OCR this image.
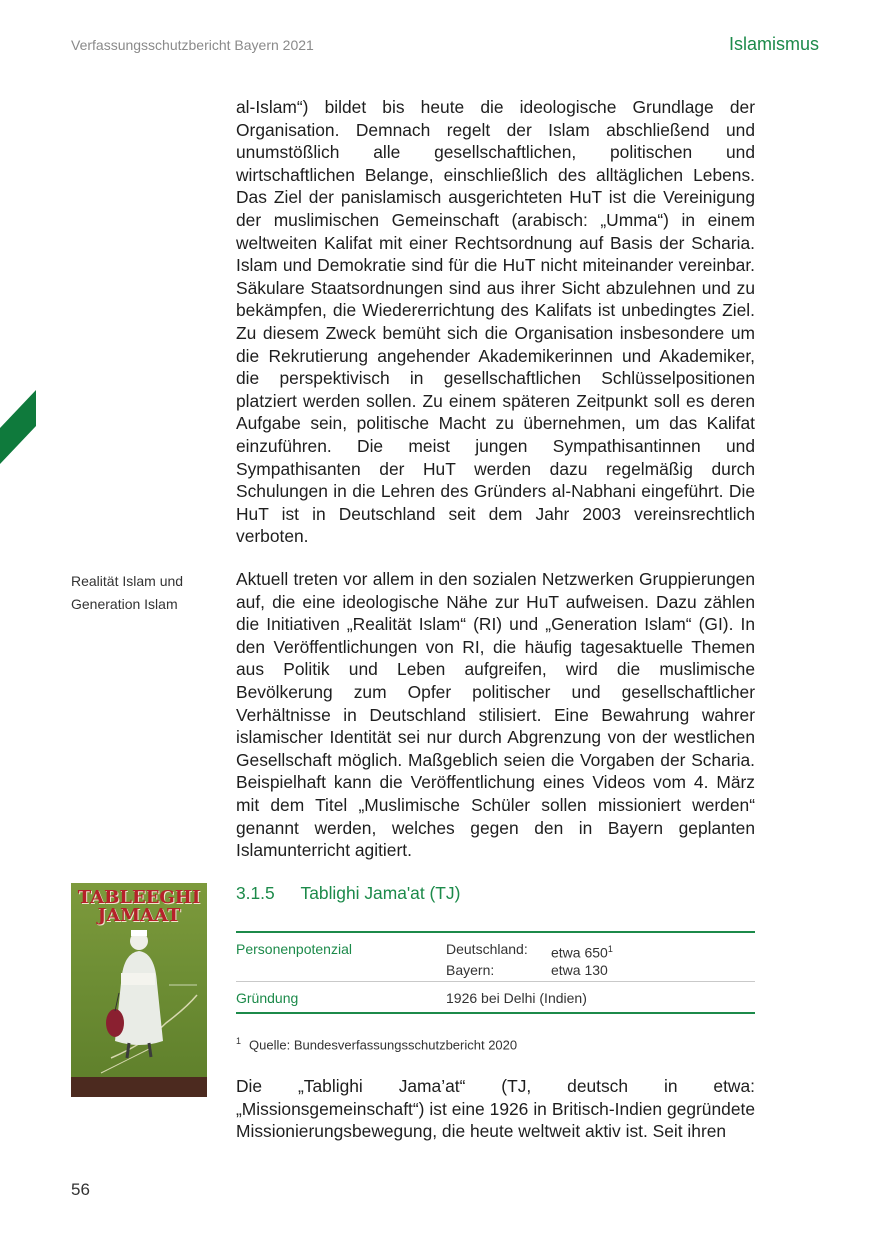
Verfassungsschutzbericht Bayern 2021	Islamismus
al-Islam“) bildet bis heute die ideologische Grundlage der Organisation. Demnach regelt der Islam abschließend und unumstößlich alle gesellschaftlichen, politischen und wirtschaftlichen Belange, einschließlich des alltäglichen Lebens. Das Ziel der panislamisch ausgerichteten HuT ist die Vereinigung der muslimischen Gemeinschaft (arabisch: „Umma“) in einem weltweiten Kalifat mit einer Rechtsordnung auf Basis der Scharia. Islam und Demokratie sind für die HuT nicht miteinander vereinbar. Säkulare Staatsordnungen sind aus ihrer Sicht abzulehnen und zu bekämpfen, die Wiedererrichtung des Kalifats ist unbedingtes Ziel. Zu diesem Zweck bemüht sich die Organisation insbesondere um die Rekrutierung angehender Akademikerinnen und Akademiker, die perspektivisch in gesellschaftlichen Schlüsselpositionen platziert werden sollen. Zu einem späteren Zeitpunkt soll es deren Aufgabe sein, politische Macht zu übernehmen, um das Kalifat einzuführen. Die meist jungen Sympathisantinnen und Sympathisanten der HuT werden dazu regelmäßig durch Schulungen in die Lehren des Gründers al-Nabhani eingeführt. Die HuT ist in Deutschland seit dem Jahr 2003 vereinsrechtlich verboten.
Realität Islam und
Generation Islam
Aktuell treten vor allem in den sozialen Netzwerken Gruppierungen auf, die eine ideologische Nähe zur HuT aufweisen. Dazu zählen die Initiativen „Realität Islam“ (RI) und „Generation Islam“ (GI). In den Veröffentlichungen von RI, die häufig tagesaktuelle Themen aus Politik und Leben aufgreifen, wird die muslimische Bevölkerung zum Opfer politischer und gesellschaftlicher Verhältnisse in Deutschland stilisiert. Eine Bewahrung wahrer islamischer Identität sei nur durch Abgrenzung von der westlichen Gesellschaft möglich. Maßgeblich seien die Vorgaben der Scharia. Beispielhaft kann die Veröffentlichung eines Videos vom 4. März mit dem Titel „Muslimische Schüler sollen missioniert werden“ genannt werden, welches gegen den in Bayern geplanten Islamunterricht agitiert.
TABLEEGHI
JAMAAT
3.1.5 Tablighi Jama'at (TJ)
Personenpotenzial	Deutschland:	etwa $650^1$
Bayern:	etwa 130
Gründung	1926 bei Delhi (Indien)
$^1$ Quelle: Bundesverfassungsschutzbericht 2020
Die „Tablighi Jama’at“ (TJ, deutsch in etwa: „Missionsgemeinschaft“) ist eine 1926 in Britisch-Indien gegründete Missionierungsbewegung, die heute weltweit aktiv ist. Seit ihren
56
